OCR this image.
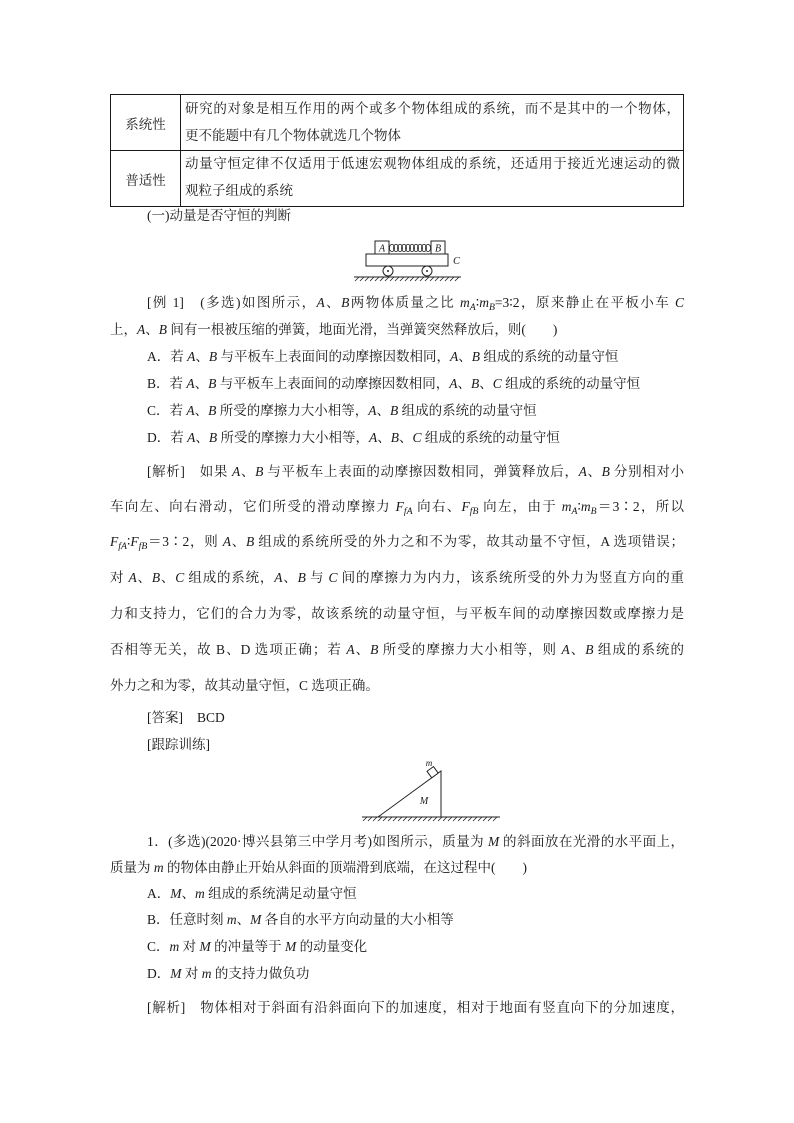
系统性
普适性
研究的对象是相互作用的两个或多个物体组成的系统，而不是其中的一个物体，
更不能题中有几个物体就选几个物体
动量守恒定律不仅适用于低速宏观物体组成的系统，还适用于接近光速运动的微
观粒子组成的系统
(一)动量是否守恒的判断
A	B
C
[例 1]　(多选)如图所示，A、B两物体质量之比 $m_A∶m_B=3∶2$，原来静止在平板小车 C
上，A、B 间有一根被压缩的弹簧，地面光滑，当弹簧突然释放后，则(　　)
A．若 A、B 与平板车上表面间的动摩擦因数相同，A、B 组成的系统的动量守恒
B．若 A、B 与平板车上表面间的动摩擦因数相同，A、B、C 组成的系统的动量守恒
C．若 A、B 所受的摩擦力大小相等，A、B 组成的系统的动量守恒
D．若 A、B 所受的摩擦力大小相等，A、B、C 组成的系统的动量守恒
[解析]　如果 A、B 与平板车上表面的动摩擦因数相同，弹簧释放后，A、B 分别相对小
车向左、向右滑动，它们所受的滑动摩擦力 $F_{fA}$ 向右、$F_{fB}$ 向左，由于 $m_A∶m_B=3∶2$，所以
$F_{fA}∶F_{fB}=3∶2$，则 A、B 组成的系统所受的外力之和不为零，故其动量不守恒，A 选项错误；
对 A、B、C 组成的系统，A、B 与 C 间的摩擦力为内力，该系统所受的外力为竖直方向的重
力和支持力，它们的合力为零，故该系统的动量守恒，与平板车间的动摩擦因数或摩擦力是
否相等无关，故 B、D 选项正确；若 A、B 所受的摩擦力大小相等，则 A、B 组成的系统的
外力之和为零，故其动量守恒，C 选项正确。
[答案] BCD
[跟踪训练]
m
M
1．(多选)(2020·博兴县第三中学月考)如图所示，质量为 M 的斜面放在光滑的水平面上，
质量为 m 的物体由静止开始从斜面的顶端滑到底端，在这过程中(　　)
A．M、m 组成的系统满足动量守恒
B．任意时刻 m、M 各自的水平方向动量的大小相等
C．m 对 M 的冲量等于 M 的动量变化
D．M 对 m 的支持力做负功
[解析]　物体相对于斜面有沿斜面向下的加速度，相对于地面有竖直向下的分加速度，
